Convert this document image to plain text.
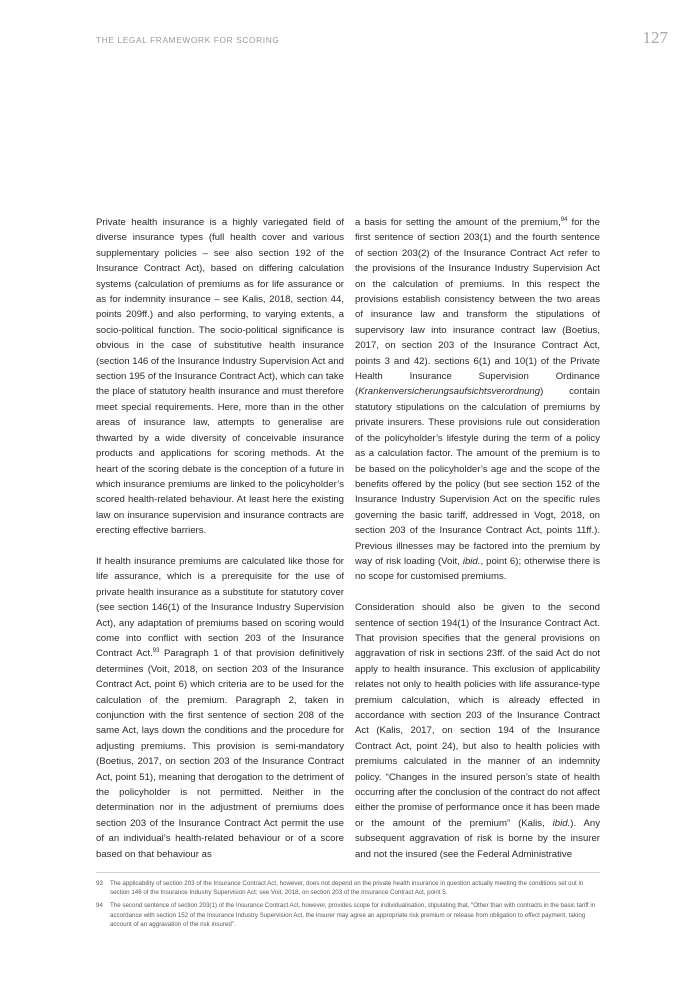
THE LEGAL FRAMEWORK FOR SCORING	127

Private health insurance is a highly variegated field of diverse insurance types (full health cover and various supplementary policies – see also section 192 of the Insurance Contract Act), based on differing calculation systems (calculation of premiums as for life assurance or as for indemnity insurance – see Kalis, 2018, section 44, points 209ff.) and also performing, to varying extents, a socio-political function. The socio-political significance is obvious in the case of substitutive health insurance (section 146 of the Insurance Industry Supervision Act and section 195 of the Insurance Contract Act), which can take the place of statutory health insurance and must therefore meet special requirements. Here, more than in the other areas of insurance law, attempts to generalise are thwarted by a wide diversity of conceivable insurance products and applications for scoring methods. At the heart of the scoring debate is the conception of a future in which insurance premiums are linked to the policyholder’s scored health-related behaviour. At least here the existing law on insurance supervision and insurance contracts are erecting effective barriers.

If health insurance premiums are calculated like those for life assurance, which is a prerequisite for the use of private health insurance as a substitute for statutory cover (see section 146(1) of the Insurance Industry Supervision Act), any adaptation of premiums based on scoring would come into conflict with section 203 of the Insurance Contract Act.$^{93}$ Paragraph 1 of that provision definitively determines (Voit, 2018, on section 203 of the Insurance Contract Act, point 6) which criteria are to be used for the calculation of the premium. Paragraph 2, taken in conjunction with the first sentence of section 208 of the same Act, lays down the conditions and the procedure for adjusting premiums. This provision is semi-mandatory (Boetius, 2017, on section 203 of the Insurance Contract Act, point 51), meaning that derogation to the detriment of the policyholder is not permitted. Neither in the determination nor in the adjustment of premiums does section 203 of the Insurance Contract Act permit the use of an individual’s health-related behaviour or of a score based on that behaviour as

a basis for setting the amount of the premium,$^{94}$ for the first sentence of section 203(1) and the fourth sentence of section 203(2) of the Insurance Contract Act refer to the provisions of the Insurance Industry Supervision Act on the calculation of premiums. In this respect the provisions establish consistency between the two areas of insurance law and transform the stipulations of supervisory law into insurance contract law (Boetius, 2017, on section 203 of the Insurance Contract Act, points 3 and 42). sections 6(1) and 10(1) of the Private Health Insurance Supervision Ordinance (Krankenversicherungsaufsichtsverordnung) contain statutory stipulations on the calculation of premiums by private insurers. These provisions rule out consideration of the policyholder’s lifestyle during the term of a policy as a calculation factor. The amount of the premium is to be based on the policyholder’s age and the scope of the benefits offered by the policy (but see section 152 of the Insurance Industry Supervision Act on the specific rules governing the basic tariff, addressed in Vogt, 2018, on section 203 of the Insurance Contract Act, points 11ff.). Previous illnesses may be factored into the premium by way of risk loading (Voit, ibid., point 6); otherwise there is no scope for customised premiums.

Consideration should also be given to the second sentence of section 194(1) of the Insurance Contract Act. That provision specifies that the general provisions on aggravation of risk in sections 23ff. of the said Act do not apply to health insurance. This exclusion of applicability relates not only to health policies with life assurance-type premium calculation, which is already effected in accordance with section 203 of the Insurance Contract Act (Kalis, 2017, on section 194 of the Insurance Contract Act, point 24), but also to health policies with premiums calculated in the manner of an indemnity policy. “Changes in the insured person’s state of health occurring after the conclusion of the contract do not affect either the promise of performance once it has been made or the amount of the premium” (Kalis, ibid.). Any subsequent aggravation of risk is borne by the insurer and not the insured (see the Federal Administrative

93 The applicability of section 203 of the Insurance Contract Act, however, does not depend on the private health insurance in question actually meeting the conditions set out in section 146 of the Insurance Industry Supervision Act; see Voit, 2018, on section 203 of the Insurance Contract Act, point 5.
94 The second sentence of section 203(1) of the Insurance Contract Act, however, provides scope for individualisation, stipulating that, “Other than with contracts in the basic tariff in accordance with section 152 of the Insurance Industry Supervision Act, the insurer may agree an appropriate risk premium or release from obligation to effect payment, taking account of an aggravation of the risk insured”.
